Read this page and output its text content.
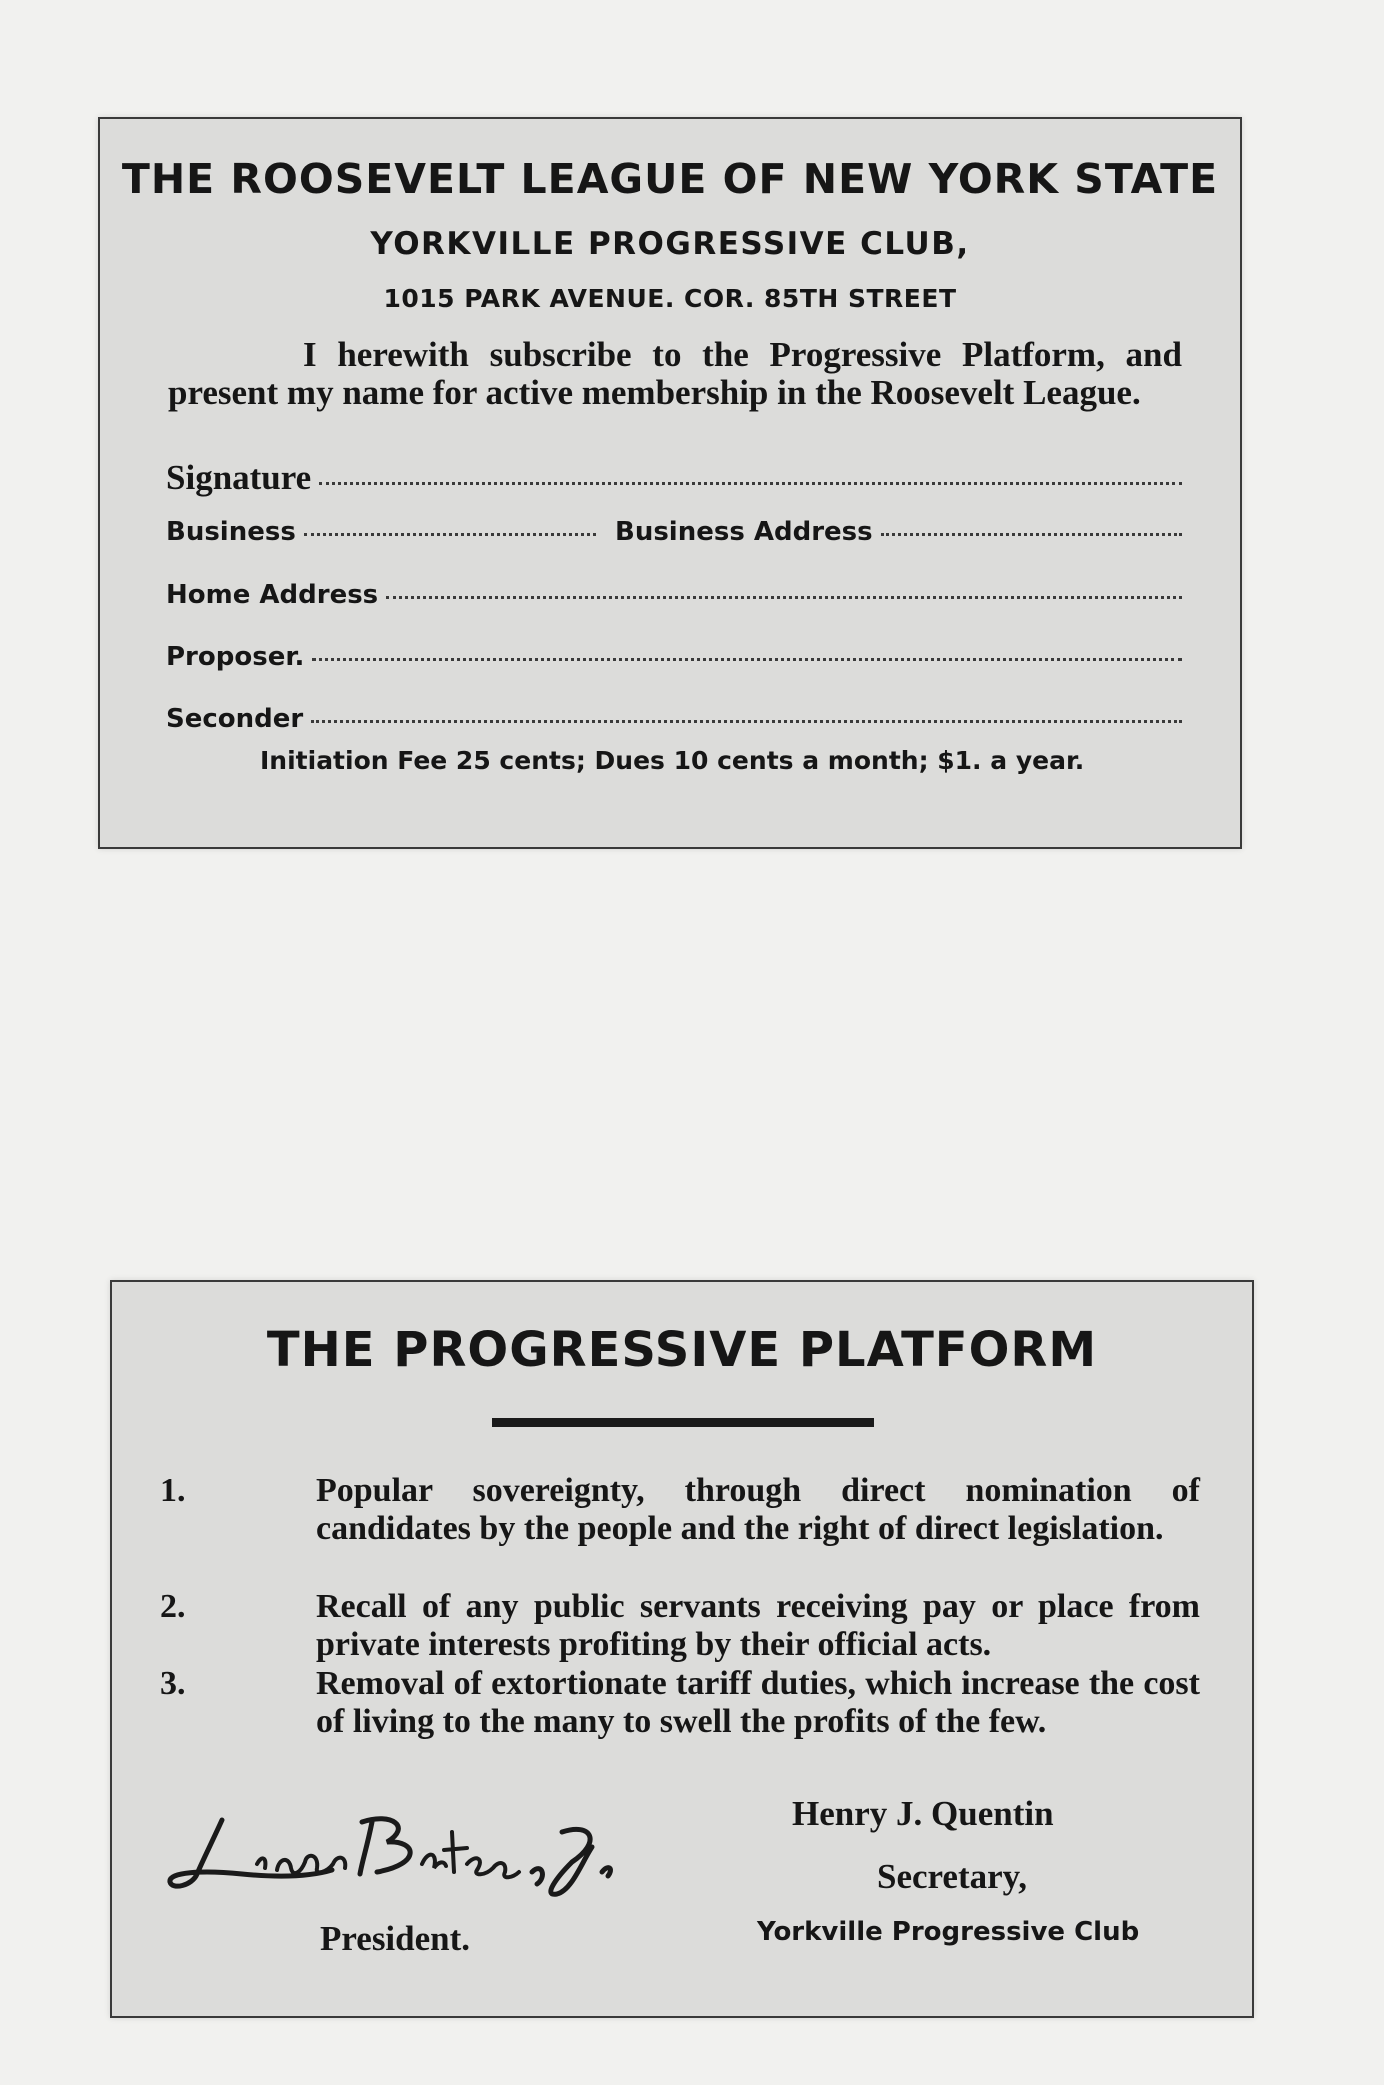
THE ROOSEVELT LEAGUE OF NEW YORK STATE
YORKVILLE PROGRESSIVE CLUB,
1015 PARK AVENUE. COR. 85TH STREET
I herewith subscribe to the Progressive Platform, and present my name for active membership in the Roosevelt League.
Signature
Business	Business Address
Home Address
Proposer.
Seconder
Initiation Fee 25 cents; Dues 10 cents a month; $1. a year.
THE PROGRESSIVE PLATFORM
1.	Popular sovereignty, through direct nomination of candidates by the people and the right of direct legislation.
2.	Recall of any public servants receiving pay or place from private interests profiting by their official acts.
3.	Removal of extortionate tariff duties, which increase the cost of living to the many to swell the profits of the few.
President.
Henry J. Quentin
Secretary,
Yorkville Progressive Club
